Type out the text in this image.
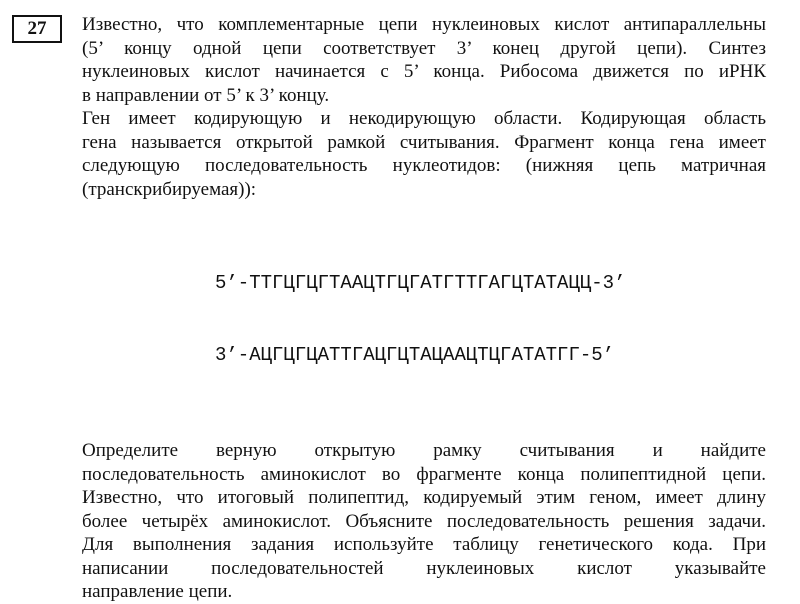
27 Известно, что комплементарные цепи нуклеиновых кислот антипараллельны
(5’ концу одной цепи соответствует 3’ конец другой цепи). Синтез
нуклеиновых кислот начинается с 5’ конца. Рибосома движется по иРНК
в направлении от 5’ к 3’ концу.
Ген имеет кодирующую и некодирующую области. Кодирующая область
гена называется открытой рамкой считывания. Фрагмент конца гена имеет
следующую последовательность нуклеотидов: (нижняя цепь матричная
(транскрибируемая)):

5’-ТТГЦГЦГТААЦТГЦГАТГТТГАГЦТАТАЦЦ-3’

3’-АЦГЦГЦАТТГАЦГЦТАЦААЦТЦГАТАТГГ-5’

Определите верную открытую рамку считывания и найдите
последовательность аминокислот во фрагменте конца полипептидной цепи.
Известно, что итоговый полипептид, кодируемый этим геном, имеет длину
более четырёх аминокислот. Объясните последовательность решения задачи.
Для выполнения задания используйте таблицу генетического кода. При
написании последовательностей нуклеиновых кислот указывайте
направление цепи.
